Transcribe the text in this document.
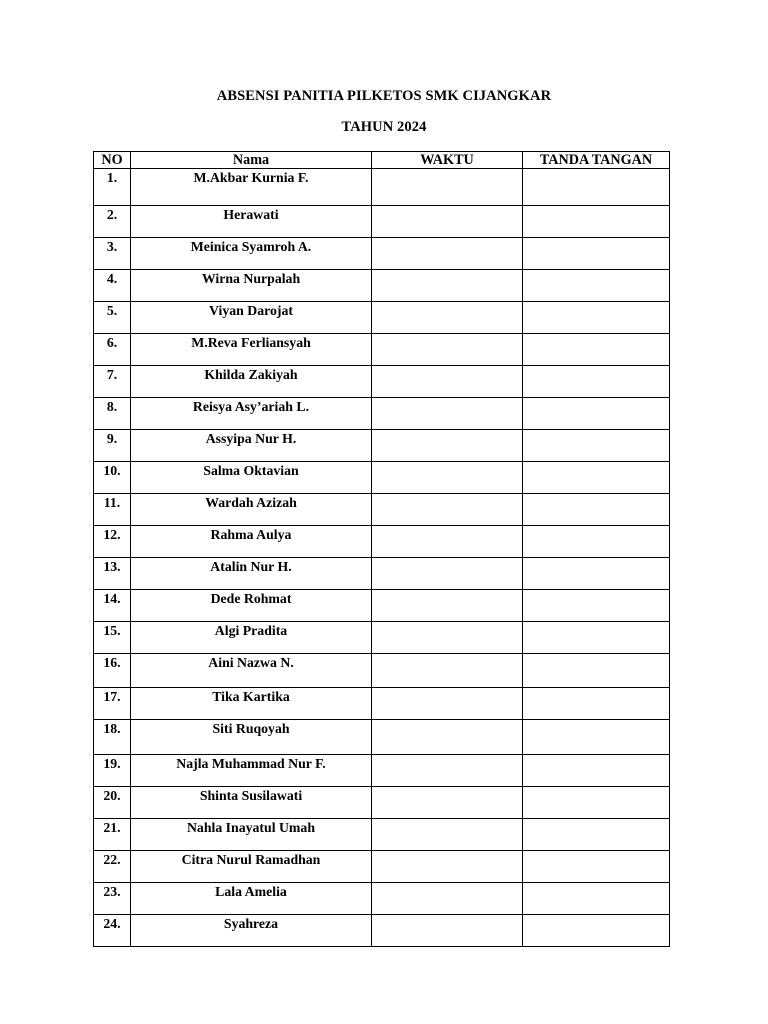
ABSENSI PANITIA PILKETOS SMK CIJANGKAR
TAHUN 2024
NO	Nama	WAKTU	TANDA TANGAN
1.	M.Akbar Kurnia F.		
2.	Herawati		
3.	Meinica Syamroh A.		
4.	Wirna Nurpalah		
5.	Viyan Darojat		
6.	M.Reva Ferliansyah		
7.	Khilda Zakiyah		
8.	Reisya Asy’ariah L.		
9.	Assyipa Nur H.		
10.	Salma Oktavian		
11.	Wardah Azizah		
12.	Rahma Aulya		
13.	Atalin Nur H.		
14.	Dede Rohmat		
15.	Algi Pradita		
16.	Aini Nazwa N.		
17.	Tika Kartika		
18.	Siti Ruqoyah		
19.	Najla Muhammad Nur F.		
20.	Shinta Susilawati		
21.	Nahla Inayatul Umah		
22.	Citra Nurul Ramadhan		
23.	Lala Amelia		
24.	Syahreza		
